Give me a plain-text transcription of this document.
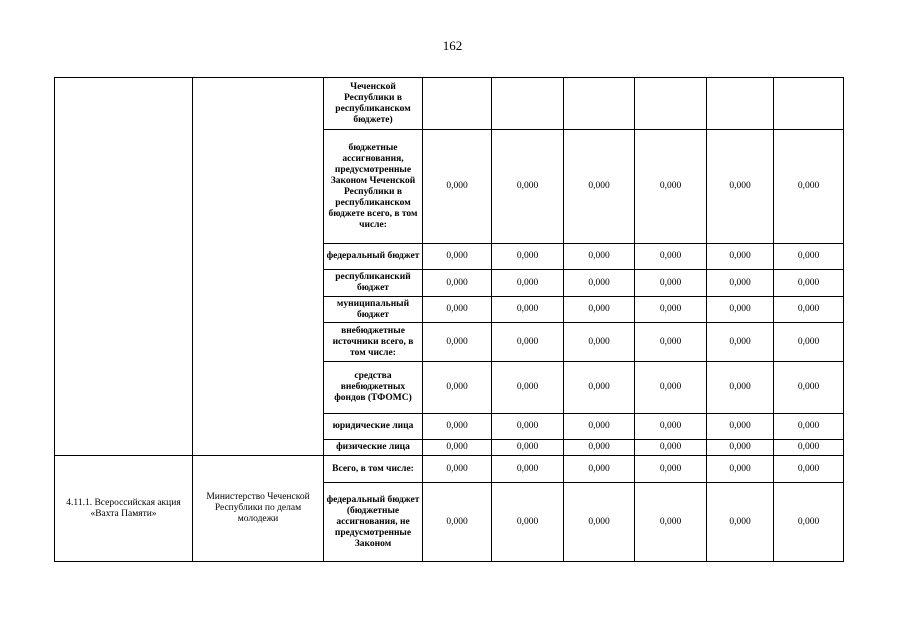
162
		Чеченской Республики в республиканском бюджете)						
		бюджетные ассигнования, предусмотренные Законом Чеченской Республики в республиканском бюджете всего, в том числе:	0,000	0,000	0,000	0,000	0,000	0,000
		федеральный бюджет	0,000	0,000	0,000	0,000	0,000	0,000
		республиканский бюджет	0,000	0,000	0,000	0,000	0,000	0,000
		муниципальный бюджет	0,000	0,000	0,000	0,000	0,000	0,000
		внебюджетные источники всего, в том числе:	0,000	0,000	0,000	0,000	0,000	0,000
		средства внебюджетных фондов (ТФОМС)	0,000	0,000	0,000	0,000	0,000	0,000
		юридические лица	0,000	0,000	0,000	0,000	0,000	0,000
		физические лица	0,000	0,000	0,000	0,000	0,000	0,000
4.11.1. Всероссийская акция «Вахта Памяти»	Министерство Чеченской Республики по делам молодежи	Всего, в том числе:	0,000	0,000	0,000	0,000	0,000	0,000
		федеральный бюджет (бюджетные ассигнования, не предусмотренные Законом	0,000	0,000	0,000	0,000	0,000	0,000
